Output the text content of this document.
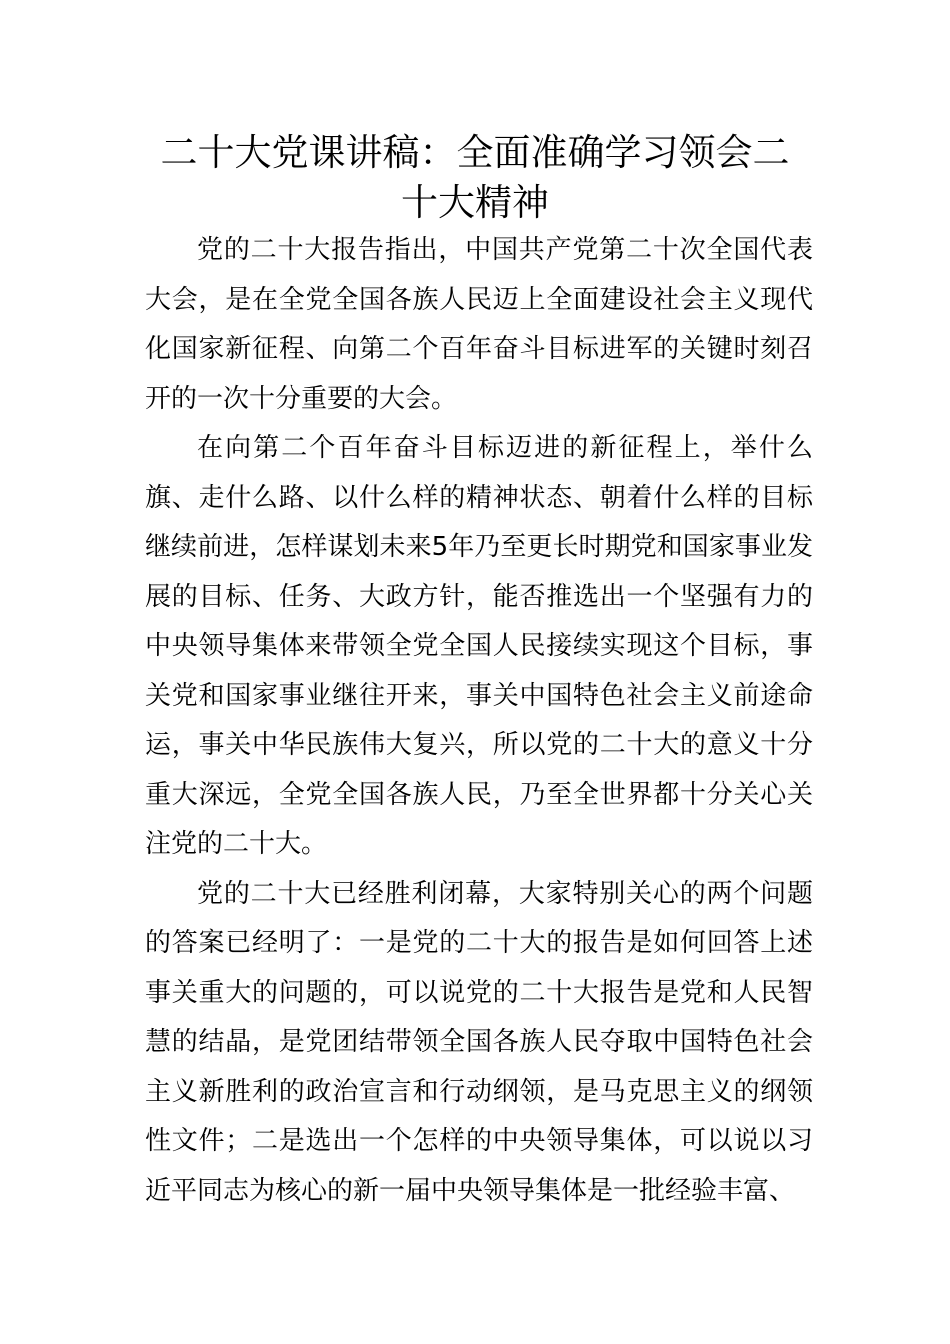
二十大党课讲稿：全面准确学习领会二十大精神

党的二十大报告指出，中国共产党第二十次全国代表大会，是在全党全国各族人民迈上全面建设社会主义现代化国家新征程、向第二个百年奋斗目标进军的关键时刻召开的一次十分重要的大会。

在向第二个百年奋斗目标迈进的新征程上，举什么旗、走什么路、以什么样的精神状态、朝着什么样的目标继续前进，怎样谋划未来5年乃至更长时期党和国家事业发展的目标、任务、大政方针，能否推选出一个坚强有力的中央领导集体来带领全党全国人民接续实现这个目标，事关党和国家事业继往开来，事关中国特色社会主义前途命运，事关中华民族伟大复兴，所以党的二十大的意义十分重大深远，全党全国各族人民，乃至全世界都十分关心关注党的二十大。

党的二十大已经胜利闭幕，大家特别关心的两个问题的答案已经明了：一是党的二十大的报告是如何回答上述事关重大的问题的，可以说党的二十大报告是党和人民智慧的结晶，是党团结带领全国各族人民夺取中国特色社会主义新胜利的政治宣言和行动纲领，是马克思主义的纲领性文件；二是选出一个怎样的中央领导集体，可以说以习近平同志为核心的新一届中央领导集体是一批经验丰富、
